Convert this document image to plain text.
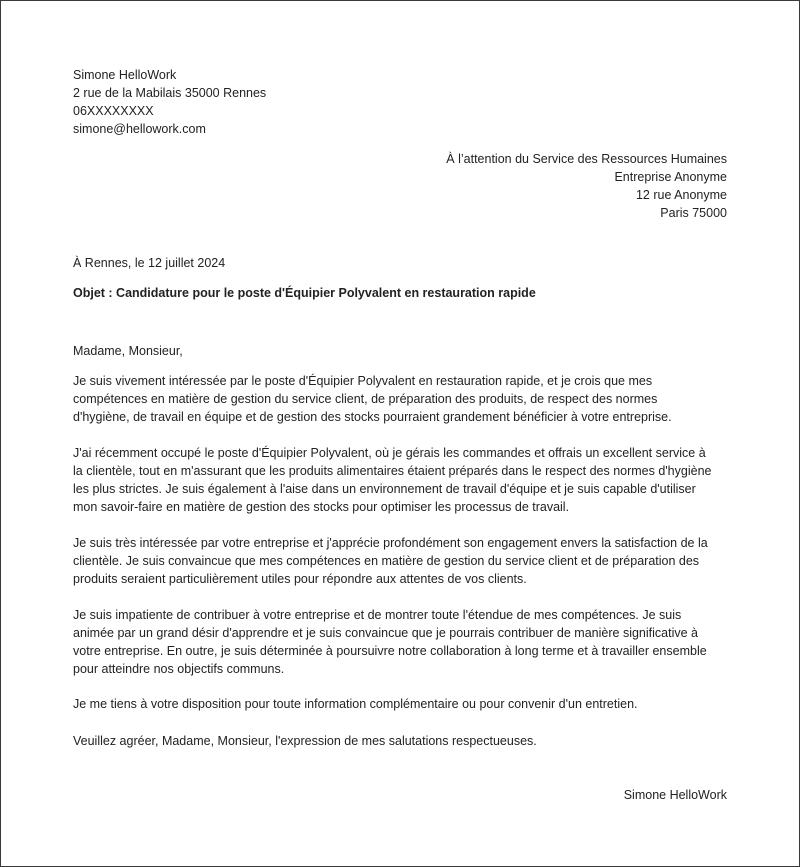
Simone HelloWork
2 rue de la Mabilais 35000 Rennes
06XXXXXXXX
simone@hellowork.com
À l’attention du Service des Ressources Humaines
Entreprise Anonyme
12 rue Anonyme
Paris 75000
À Rennes, le 12 juillet 2024
Objet : Candidature pour le poste d'Équipier Polyvalent en restauration rapide
Madame, Monsieur,
Je suis vivement intéressée par le poste d'Équipier Polyvalent en restauration rapide, et je crois que mes
compétences en matière de gestion du service client, de préparation des produits, de respect des normes
d'hygiène, de travail en équipe et de gestion des stocks pourraient grandement bénéficier à votre entreprise.
J'ai récemment occupé le poste d'Équipier Polyvalent, où je gérais les commandes et offrais un excellent service à
la clientèle, tout en m'assurant que les produits alimentaires étaient préparés dans le respect des normes d'hygiène
les plus strictes. Je suis également à l'aise dans un environnement de travail d'équipe et je suis capable d'utiliser
mon savoir-faire en matière de gestion des stocks pour optimiser les processus de travail.
Je suis très intéressée par votre entreprise et j'apprécie profondément son engagement envers la satisfaction de la
clientèle. Je suis convaincue que mes compétences en matière de gestion du service client et de préparation des
produits seraient particulièrement utiles pour répondre aux attentes de vos clients.
Je suis impatiente de contribuer à votre entreprise et de montrer toute l'étendue de mes compétences. Je suis
animée par un grand désir d'apprendre et je suis convaincue que je pourrais contribuer de manière significative à
votre entreprise. En outre, je suis déterminée à poursuivre notre collaboration à long terme et à travailler ensemble
pour atteindre nos objectifs communs.
Je me tiens à votre disposition pour toute information complémentaire ou pour convenir d'un entretien.
Veuillez agréer, Madame, Monsieur, l'expression de mes salutations respectueuses.
Simone HelloWork
